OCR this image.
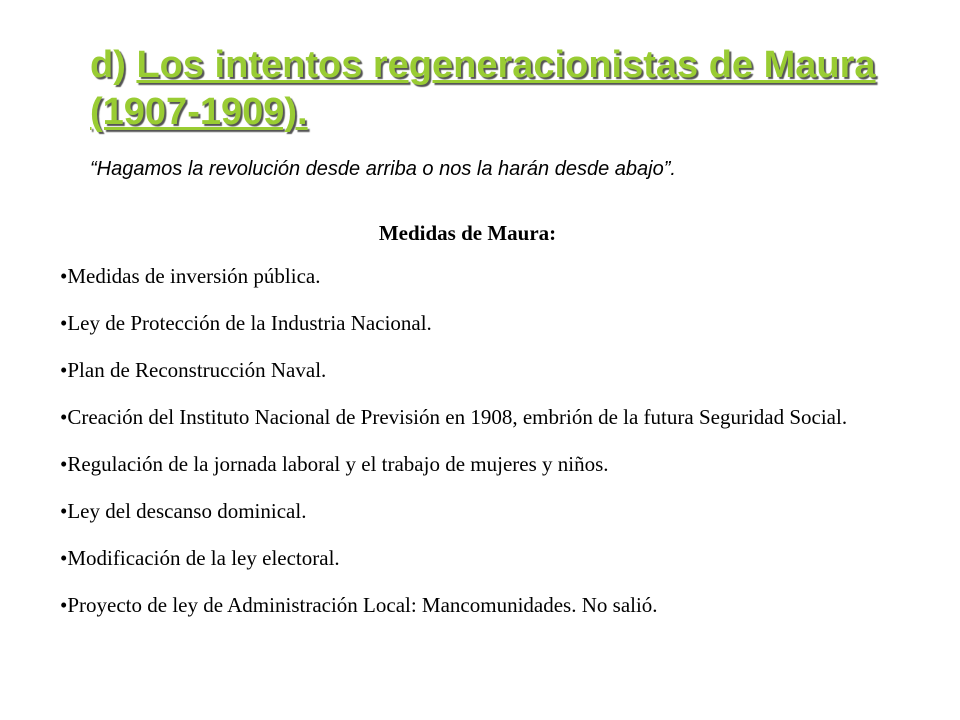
d) Los intentos regeneracionistas de Maura (1907-1909).

“Hagamos la revolución desde arriba o nos la harán desde abajo”.

Medidas de Maura:
•Medidas de inversión pública.
•Ley de Protección de la Industria Nacional.
•Plan de Reconstrucción Naval.
•Creación del Instituto Nacional de Previsión en 1908, embrión de la futura Seguridad Social.
•Regulación de la jornada laboral y el trabajo de mujeres y niños.
•Ley del descanso dominical.
•Modificación de la ley electoral.
•Proyecto de ley de Administración Local: Mancomunidades. No salió.
